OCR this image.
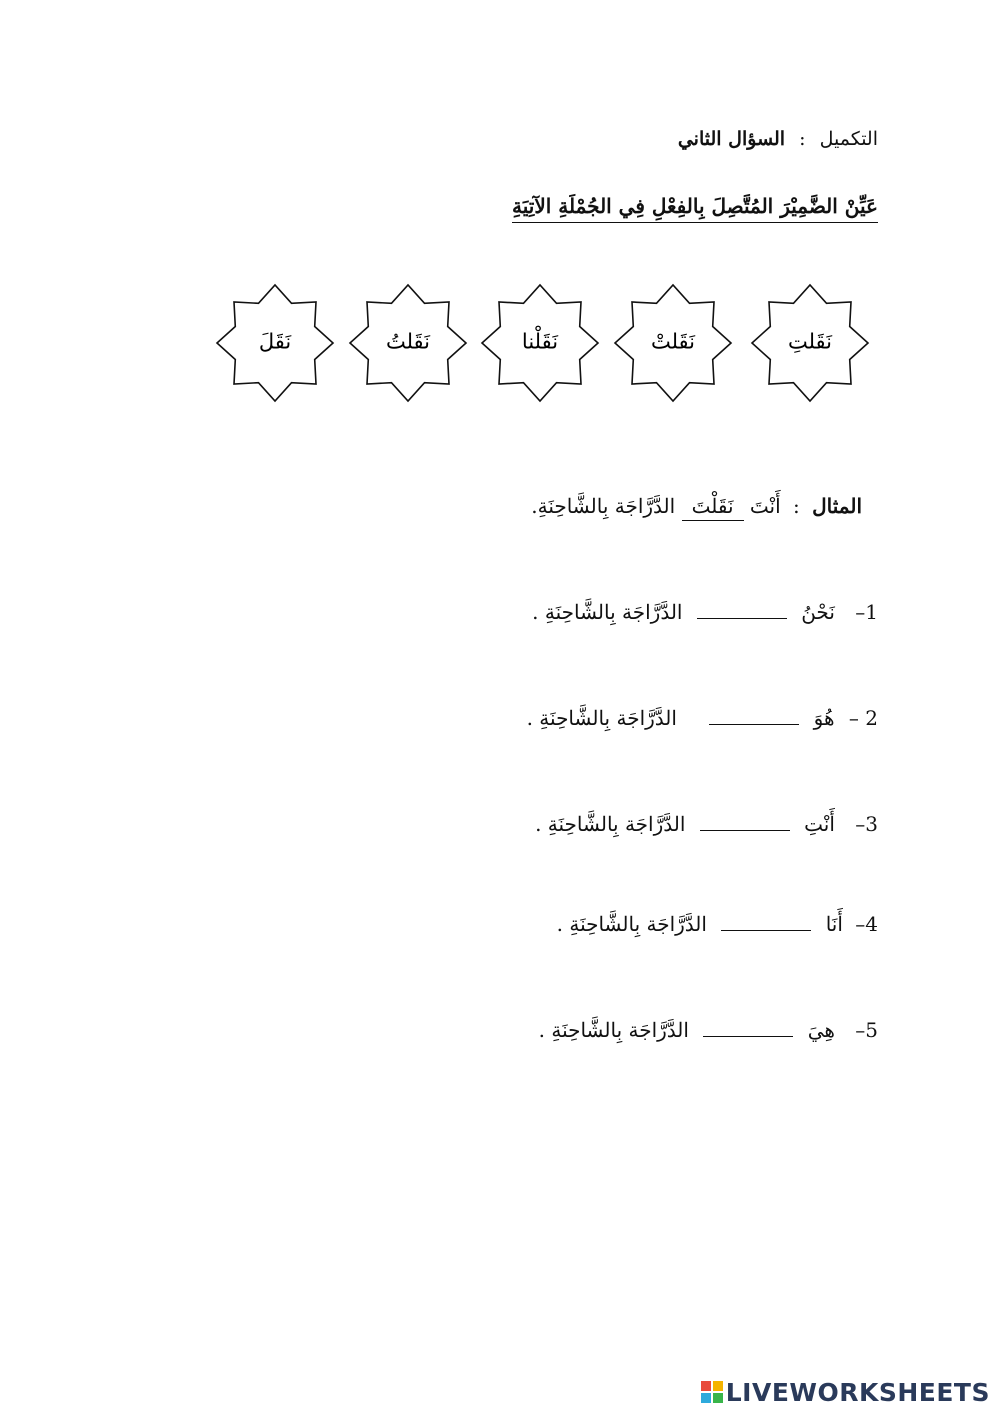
التكميل : السؤال الثاني
عَيِّنْ الضَّمِيْرَ المُتَّصِلَ بِالفِعْلِ فِي الجُمْلَةِ الآتِيَةِ
نَقَلتِ
نَقَلتْ
نَقَلْنا
نَقَلتُ
نَقَلَ
المثال : أَنْتَ نَقَلْتَ الدَّرَّاجَة بِالشَّاحِنَةِ.
1– نَحْنُ  الدَّرَّاجَة بِالشَّاحِنَةِ .
2 – هُوَ  الدَّرَّاجَة بِالشَّاحِنَةِ .
3– أَنْتِ  الدَّرَّاجَة بِالشَّاحِنَةِ .
4– أَنَا  الدَّرَّاجَة بِالشَّاحِنَةِ .
5– هِيَ  الدَّرَّاجَة بِالشَّاحِنَةِ .
LIVEWORKSHEETS
